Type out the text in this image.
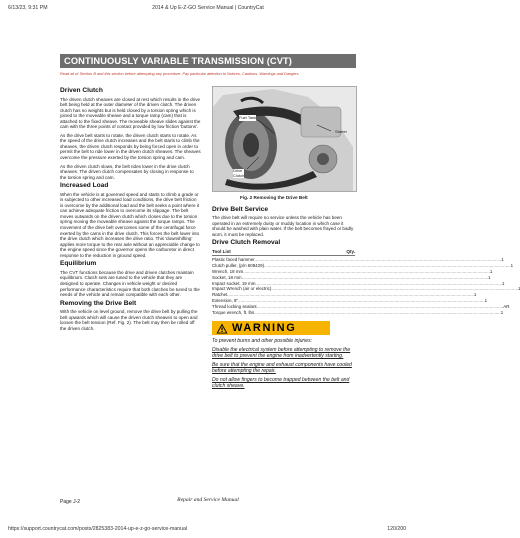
6/13/23, 9:31 PM	2014 & Up E-Z-GO Service Manual | CountryCat
CONTINUOUSLY VARIABLE TRANSMISSION (CVT)
Read all of Section B and this section before attempting any procedure. Pay particular attention to Notices, Cautions, Warnings and Dangers
Driven Clutch

The driven clutch sheaves are closed at rest which results in the drive belt being held at the outer diameter of the driven clutch. The driven clutch has no weights but is held closed by a torsion spring which is joined to the moveable sheave and a torque ramp (cam) that is attached to the fixed sheave. The moveable sheave slides against the cam with the three points of contact provided by low friction 'buttons'.

As the drive belt starts to rotate, the driven clutch starts to rotate. As the speed of the drive clutch increases and the belt starts to climb the sheaves, the driven clutch responds by being forced open in order to permit the belt to ride lower in the driven clutch sheaves. The sheaves overcome the pressure exerted by the torsion spring and cam.

As the driven clutch slows, the belt rides lower in the drive clutch sheaves. The driven clutch compensates by closing in response to the torsion spring and cam.

Increased Load

When the vehicle is at governed speed and starts to climb a grade or is subjected to other increased load conditions, the drive belt friction is overcome by the additional load and the belt seeks a point where it can achieve adequate friction to overcome its slippage. The belt moves outwards on the driven clutch which closes due to the torsion spring moving the moveable sheave against the torque ramps. The movement of the drive belt overcomes some of the centrifugal force exerted by the cams in the drive clutch. This forces the belt lower into the drive clutch which increases the drive ratio. This 'downshifting' applies more torque to the rear axle without an appreciable change to the engine speed since the governor opens the carburetor in direct response to the reduction in ground speed.

Equilibrium

The CVT functions because the drive and driven clutches maintain equilibrium. Clutch sets are tuned to the vehicle that they are designed to operate. Changes in vehicle weight or desired performance characteristics require that both clutches be tuned to the needs of the vehicle and remain compatible with each other.

Removing the Drive Belt

With the vehicle on level ground, remove the drive belt by pulling the belt upwards which will cause the driven clutch sheaves to open and loosen the belt tension (Ref. Fig. 2). The belt may then be rolled off the driven clutch.

Starter
Fuel Tank
Drive
Clutch
Fig. 2 Removing the Drive Belt
Drive Belt Service

The drive belt will require no service unless the vehicle has been operated in an extremely dusty or muddy location in which case it should be washed with plain water. If the belt becomes frayed or badly worn, it must be replaced.

Drive Clutch Removal
Tool List	Qty.
Plastic faced hammer ........................................................................................................................................................................................................ 1
Clutch puller, (p/n 608429) ........................................................................................................................................................................................................ 1
Wrench, 18 mm ........................................................................................................................................................................................................ 1
Socket, 18 mm ........................................................................................................................................................................................................ 1
Impact socket, 19 mm ........................................................................................................................................................................................................ 1
Impact Wrench (air or electric) ........................................................................................................................................................................................................ 1
Ratchet ........................................................................................................................................................................................................ 1
Extension, 8" ........................................................................................................................................................................................................ 1
Thread locking sealant ........................................................................................................................................................................................................ AR
Torque wrench, ft. lbs ........................................................................................................................................................................................................ 1
WARNING

To prevent burns and other possible injuries:

Disable the electrical system before attempting to remove the drive belt to prevent the engine from inadvertently starting.

Be sure that the engine and exhaust components have cooled before attempting the repair.

Do not allow fingers to become trapped between the belt and clutch sheave.

Page J-2	Repair and Service Manual
https://support.countrycat.com/posts/2825383-2014-up-e-z-go-service-manual	120/200
